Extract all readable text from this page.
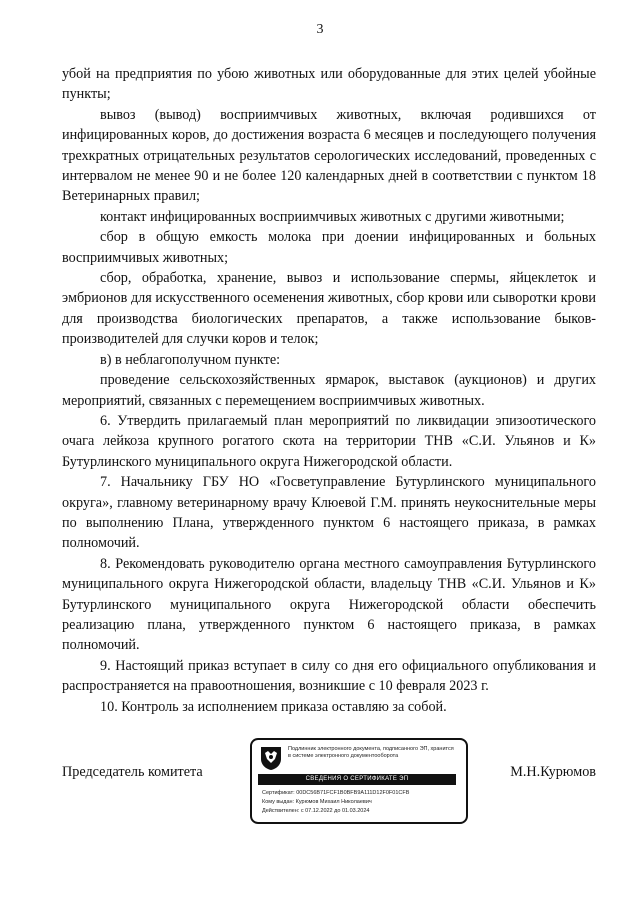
3

убой на предприятия по убою животных или оборудованные для этих целей убойные пункты;

вывоз (вывод) восприимчивых животных, включая родившихся от инфицированных коров, до достижения возраста 6 месяцев и последующего получения трехкратных отрицательных результатов серологических исследований, проведенных с интервалом не менее 90 и не более 120 календарных дней в соответствии с пунктом 18 Ветеринарных правил;

контакт инфицированных восприимчивых животных с другими животными;

сбор в общую емкость молока при доении инфицированных и больных восприимчивых животных;

сбор, обработка, хранение, вывоз и использование спермы, яйцеклеток и эмбрионов для искусственного осеменения животных, сбор крови или сыворотки крови для производства биологических препаратов, а также использование быков-производителей для случки коров и телок;

в) в неблагополучном пункте:

проведение сельскохозяйственных ярмарок, выставок (аукционов) и других мероприятий, связанных с перемещением восприимчивых животных.

6. Утвердить прилагаемый план мероприятий по ликвидации эпизоотического очага лейкоза крупного рогатого скота на территории ТНВ «С.И. Ульянов и К» Бутурлинского муниципального округа Нижегородской области.

7. Начальнику ГБУ НО «Госветуправление Бутурлинского муниципального округа», главному ветеринарному врачу Клюевой Г.М. принять неукоснительные меры по выполнению Плана, утвержденного пунктом 6 настоящего приказа, в рамках полномочий.

8. Рекомендовать руководителю органа местного самоуправления Бутурлинского муниципального округа Нижегородской области, владельцу ТНВ «С.И. Ульянов и К» Бутурлинского муниципального округа Нижегородской области обеспечить реализацию плана, утвержденного пунктом 6 настоящего приказа, в рамках полномочий.

9. Настоящий приказ вступает в силу со дня его официального опубликования и распространяется на правоотношения, возникшие с 10 февраля 2023 г.

10. Контроль за исполнением приказа оставляю за собой.

Председатель комитета	М.Н.Курюмов
Подлинник электронного документа, подписанного ЭП, хранится в системе электронного документооборота
СВЕДЕНИЯ О СЕРТИФИКАТЕ ЭП
Сертификат: 00DC56B71FCF1B0BFB9A111D12F0F01CFB
Кому выдан: Курюмов Михаил Николаевич
Действителен: с 07.12.2022 до 01.03.2024
